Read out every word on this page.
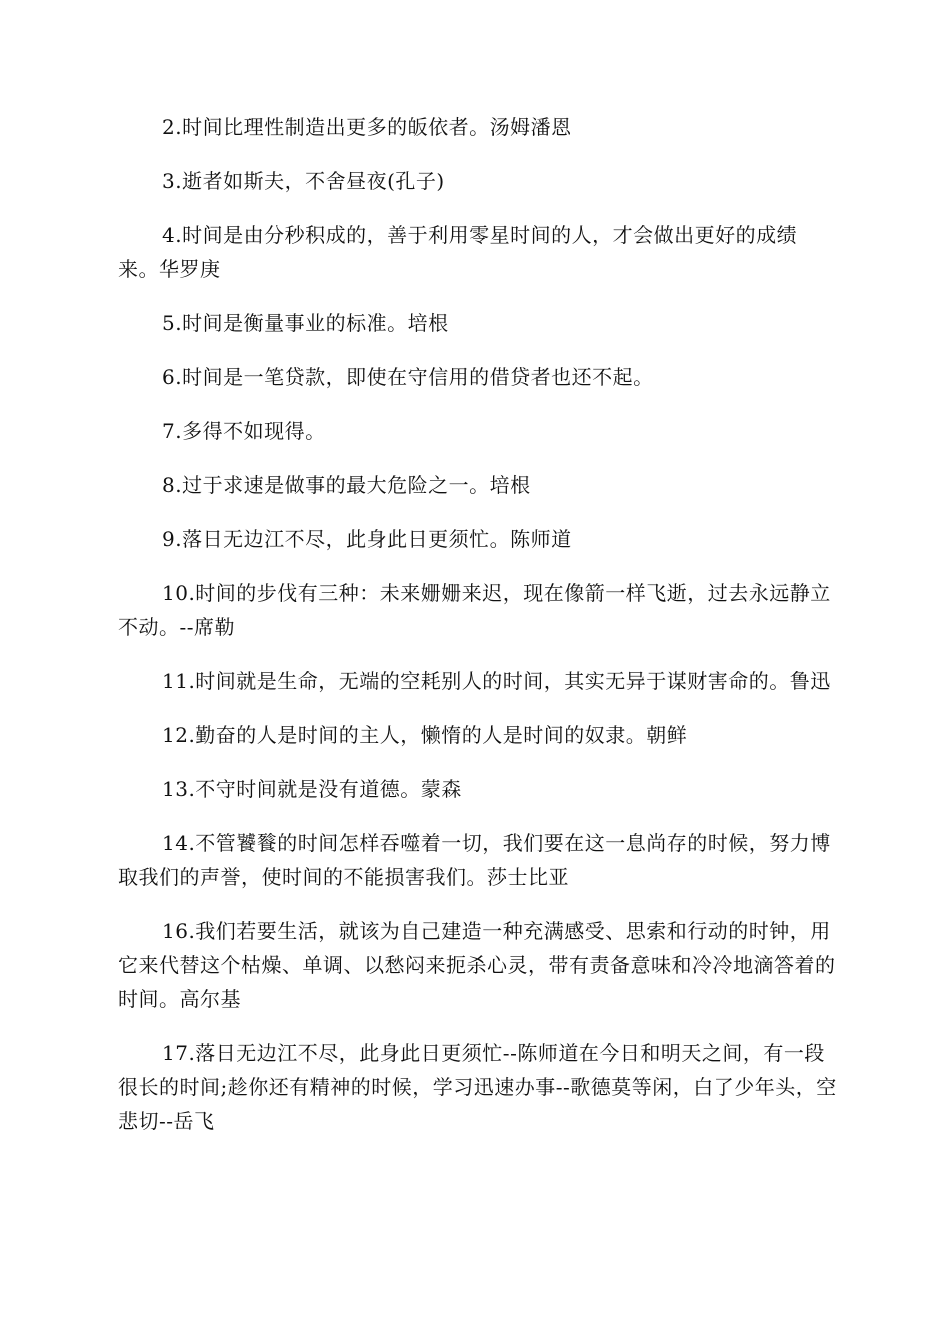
2.时间比理性制造出更多的皈依者。汤姆潘恩

3.逝者如斯夫，不舍昼夜(孔子)

4.时间是由分秒积成的，善于利用零星时间的人，才会做出更好的成绩来。华罗庚

5.时间是衡量事业的标准。培根

6.时间是一笔贷款，即使在守信用的借贷者也还不起。

7.多得不如现得。

8.过于求速是做事的最大危险之一。培根

9.落日无边江不尽，此身此日更须忙。陈师道

10.时间的步伐有三种：未来姗姗来迟，现在像箭一样飞逝，过去永远静立不动。--席勒

11.时间就是生命，无端的空耗别人的时间，其实无异于谋财害命的。鲁迅

12.勤奋的人是时间的主人，懒惰的人是时间的奴隶。朝鲜

13.不守时间就是没有道德。蒙森

14.不管饕餮的时间怎样吞噬着一切，我们要在这一息尚存的时候，努力博取我们的声誉，使时间的不能损害我们。莎士比亚

16.我们若要生活，就该为自己建造一种充满感受、思索和行动的时钟，用它来代替这个枯燥、单调、以愁闷来扼杀心灵，带有责备意味和冷冷地滴答着的时间。高尔基

17.落日无边江不尽，此身此日更须忙--陈师道在今日和明天之间，有一段很长的时间;趁你还有精神的时候，学习迅速办事--歌德莫等闲，白了少年头，空悲切--岳飞
